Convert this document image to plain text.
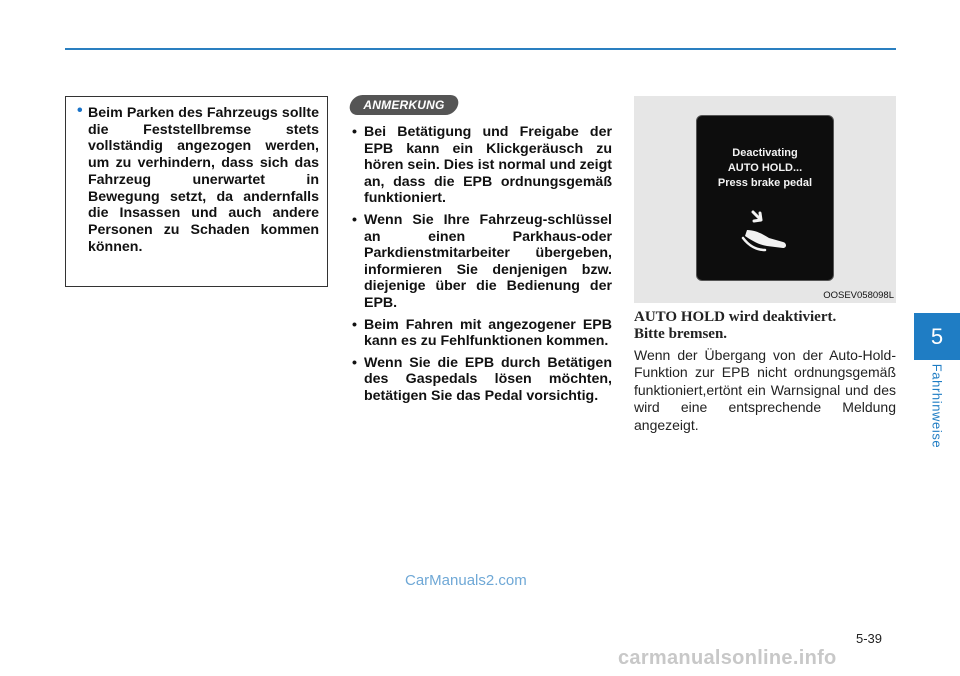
• Beim Parken des Fahrzeugs sollte die Feststellbremse stets vollständig angezogen werden, um zu verhindern, dass sich das Fahrzeug unerwartet in Bewegung setzt, da andernfalls die Insassen und auch andere Personen zu Schaden kommen können.
ANMERKUNG
• Bei Betätigung und Freigabe der EPB kann ein Klickgeräusch zu hören sein. Dies ist normal und zeigt an, dass die EPB ordnungsgemäß funktioniert.
• Wenn Sie Ihre Fahrzeug-schlüssel an einen Parkhaus-oder Parkdienstmitarbeiter übergeben, informieren Sie denjenigen bzw. diejenige über die Bedienung der EPB.
• Beim Fahren mit angezogener EPB kann es zu Fehlfunktionen kommen.
• Wenn Sie die EPB durch Betätigen des Gaspedals lösen möchten, betätigen Sie das Pedal vorsichtig.
Deactivating
AUTO HOLD...
Press brake pedal
OOSEV058098L
AUTO HOLD wird deaktiviert.
Bitte bremsen.
Wenn der Übergang von der Auto-Hold-Funktion zur EPB nicht ordnungsgemäß funktioniert,ertönt ein Warnsignal und des wird eine entsprechende Meldung angezeigt.
5
Fahrhinweise
5-39
CarManuals2.com
carmanualsonline.info
